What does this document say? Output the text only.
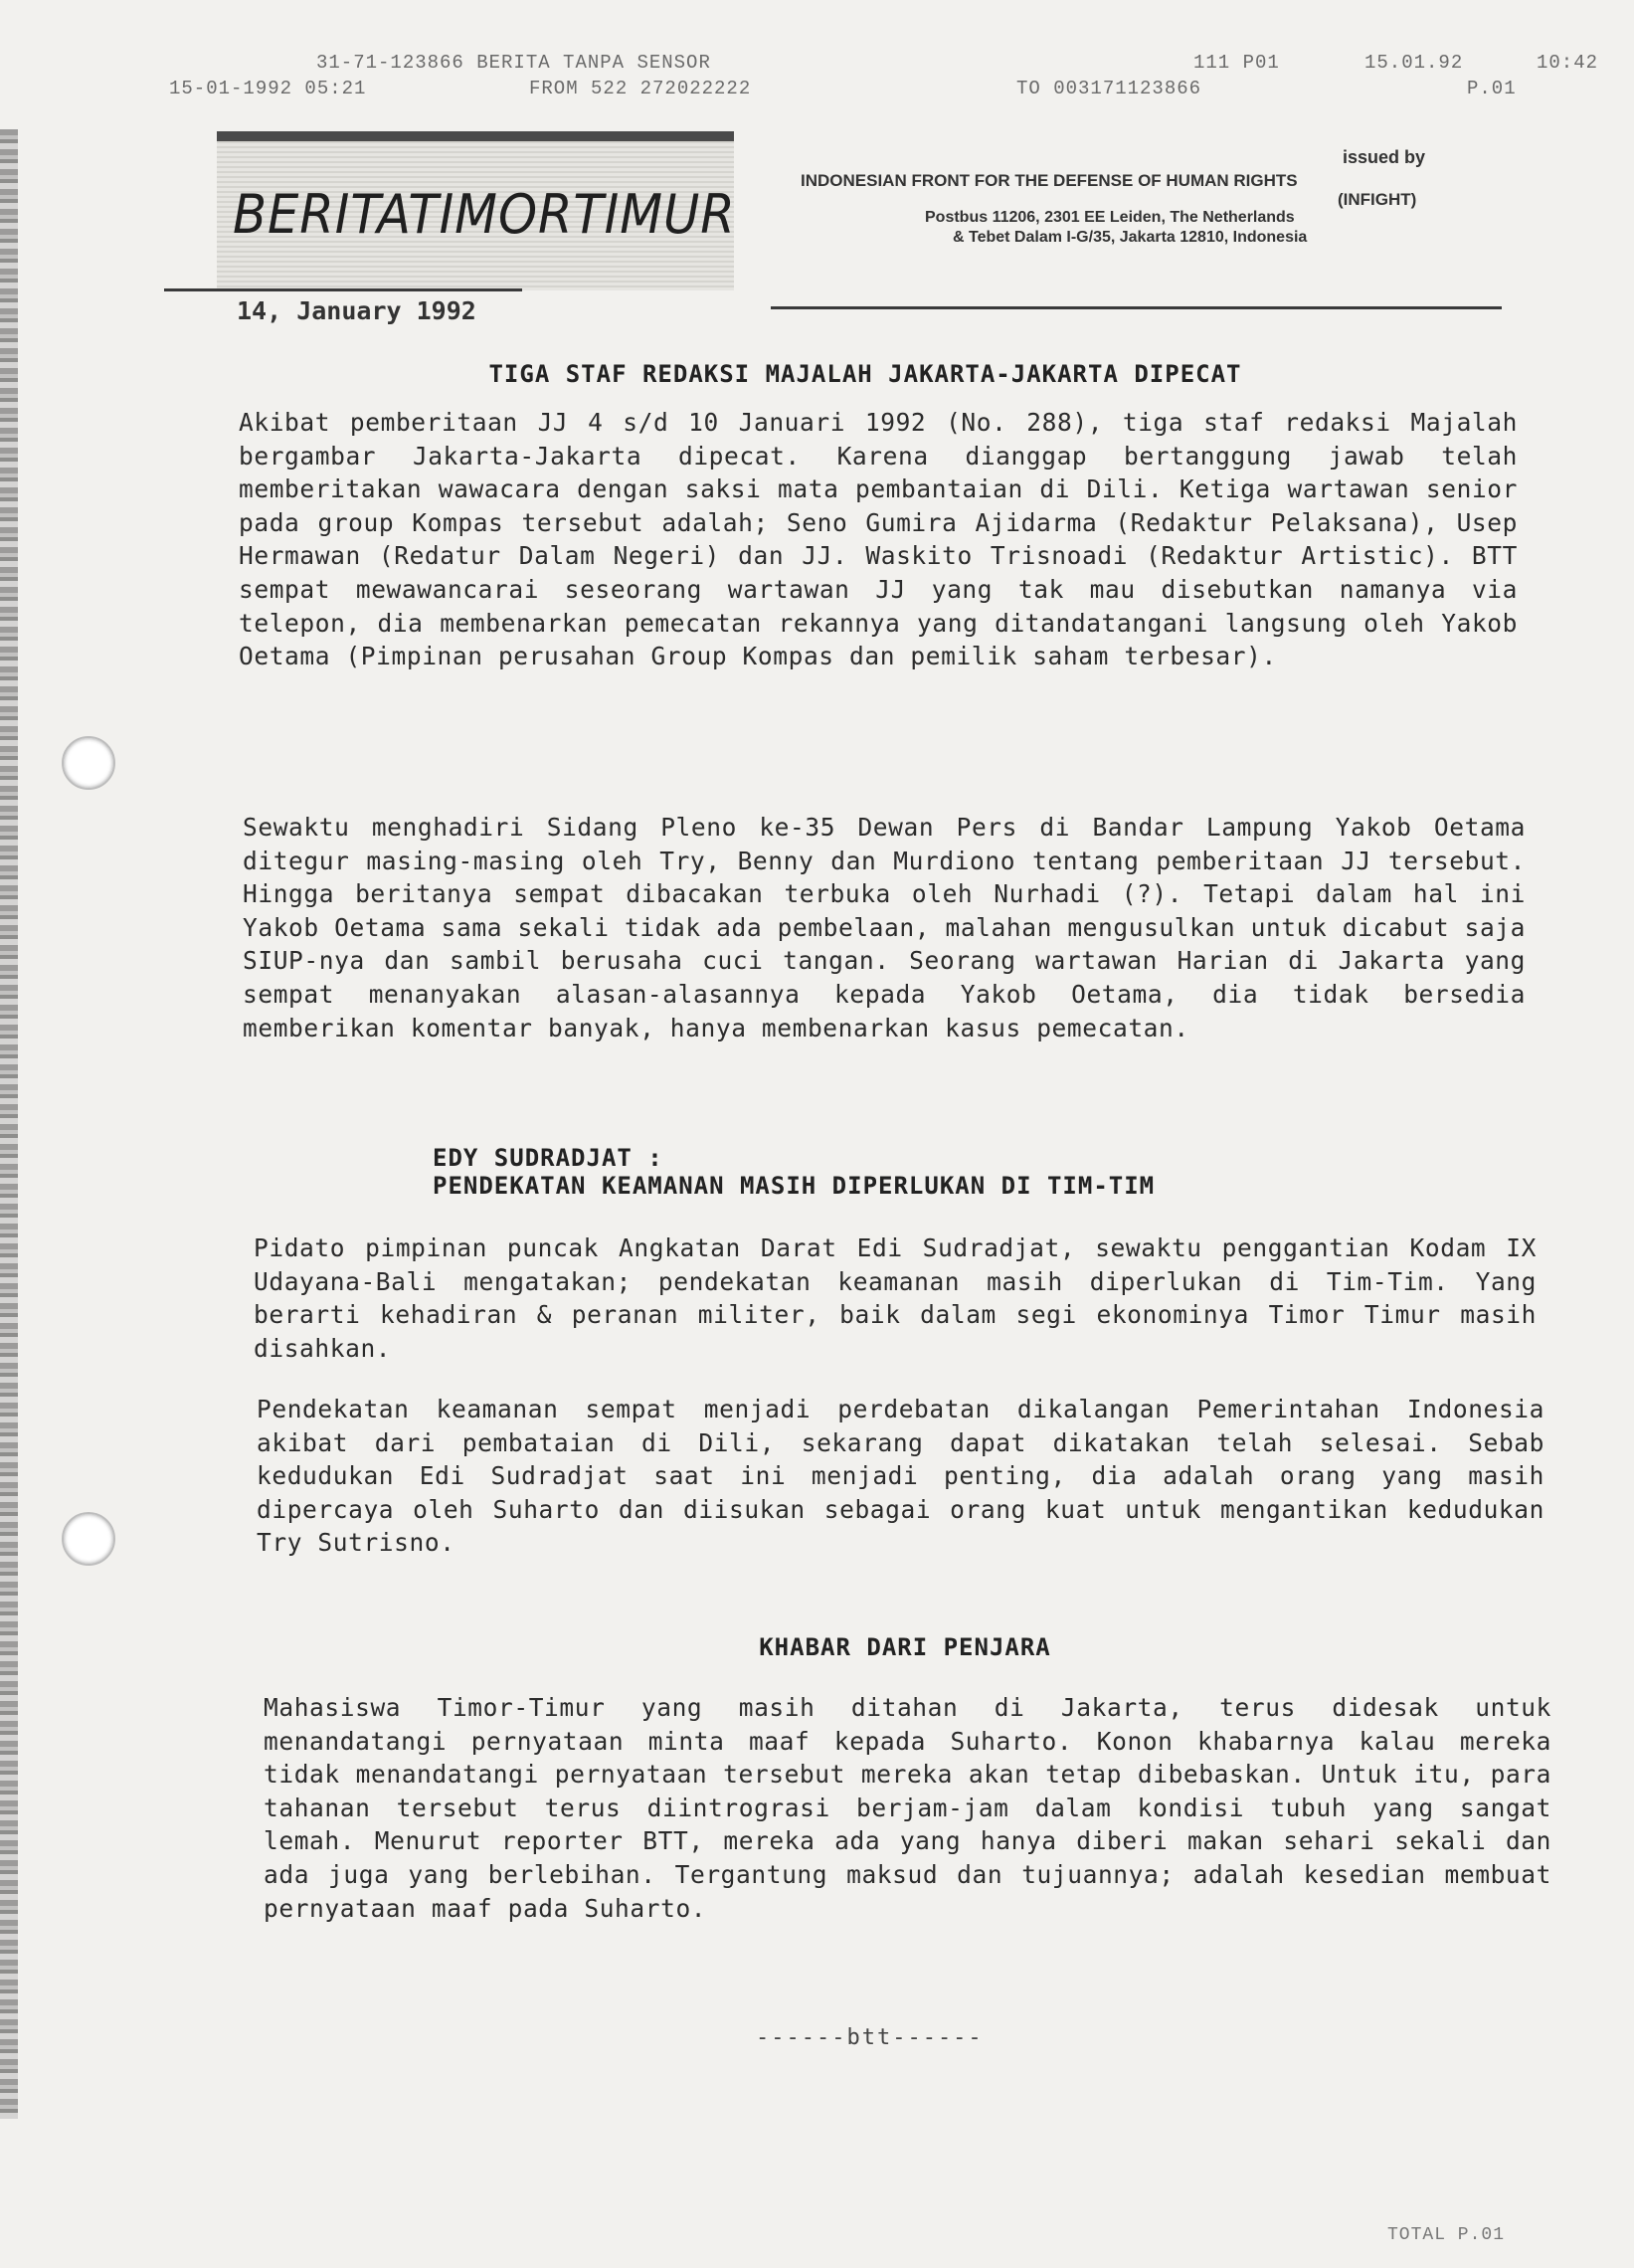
31-71-123866 BERITA TANPA SENSOR	111 P01	15.01.92	10:42
15-01-1992 05:21	FROM 522 272022222	TO 003171123866	P.01
BERITATIMORTIMUR
issued by
INDONESIAN FRONT FOR THE DEFENSE OF HUMAN RIGHTS
(INFIGHT)
Postbus 11206, 2301 EE Leiden, The Netherlands
& Tebet Dalam I-G/35, Jakarta 12810, Indonesia
14, January 1992
TIGA STAF REDAKSI MAJALAH JAKARTA-JAKARTA DIPECAT
Akibat pemberitaan JJ 4 s/d 10 Januari 1992 (No. 288), tiga staf redaksi Majalah bergambar Jakarta-Jakarta dipecat. Karena dianggap bertanggung jawab telah memberitakan wawacara dengan saksi mata pembantaian di Dili. Ketiga wartawan senior pada group Kompas tersebut adalah; Seno Gumira Ajidarma (Redaktur Pelaksana), Usep Hermawan (Redatur Dalam Negeri) dan JJ. Waskito Trisnoadi (Redaktur Artistic). BTT sempat mewawancarai seseorang wartawan JJ yang tak mau disebutkan namanya via telepon, dia membenarkan pemecatan rekannya yang ditandatangani langsung oleh Yakob Oetama (Pimpinan perusahan Group Kompas dan pemilik saham terbesar).
Sewaktu menghadiri Sidang Pleno ke-35 Dewan Pers di Bandar Lampung Yakob Oetama ditegur masing-masing oleh Try, Benny dan Murdiono tentang pemberitaan JJ tersebut. Hingga beritanya sempat dibacakan terbuka oleh Nurhadi (?). Tetapi dalam hal ini Yakob Oetama sama sekali tidak ada pembelaan, malahan mengusulkan untuk dicabut saja SIUP-nya dan sambil berusaha cuci tangan. Seorang wartawan Harian di Jakarta yang sempat menanyakan alasan-alasannya kepada Yakob Oetama, dia tidak bersedia memberikan komentar banyak, hanya membenarkan kasus pemecatan.
EDY SUDRADJAT :
PENDEKATAN KEAMANAN MASIH DIPERLUKAN DI TIM-TIM
Pidato pimpinan puncak Angkatan Darat Edi Sudradjat, sewaktu penggantian Kodam IX Udayana-Bali mengatakan; pendekatan keamanan masih diperlukan di Tim-Tim. Yang berarti kehadiran & peranan militer, baik dalam segi ekonominya Timor Timur masih disahkan.
Pendekatan keamanan sempat menjadi perdebatan dikalangan Pemerintahan Indonesia akibat dari pembataian di Dili, sekarang dapat dikatakan telah selesai. Sebab kedudukan Edi Sudradjat saat ini menjadi penting, dia adalah orang yang masih dipercaya oleh Suharto dan diisukan sebagai orang kuat untuk mengantikan kedudukan Try Sutrisno.
KHABAR DARI PENJARA
Mahasiswa Timor-Timur yang masih ditahan di Jakarta, terus didesak untuk menandatangi pernyataan minta maaf kepada Suharto. Konon khabarnya kalau mereka tidak menandatangi pernyataan tersebut mereka akan tetap dibebaskan. Untuk itu, para tahanan tersebut terus diintrograsi berjam-jam dalam kondisi tubuh yang sangat lemah. Menurut reporter BTT, mereka ada yang hanya diberi makan sehari sekali dan ada juga yang berlebihan. Tergantung maksud dan tujuannya; adalah kesedian membuat pernyataan maaf pada Suharto.
------btt------
TOTAL P.01
